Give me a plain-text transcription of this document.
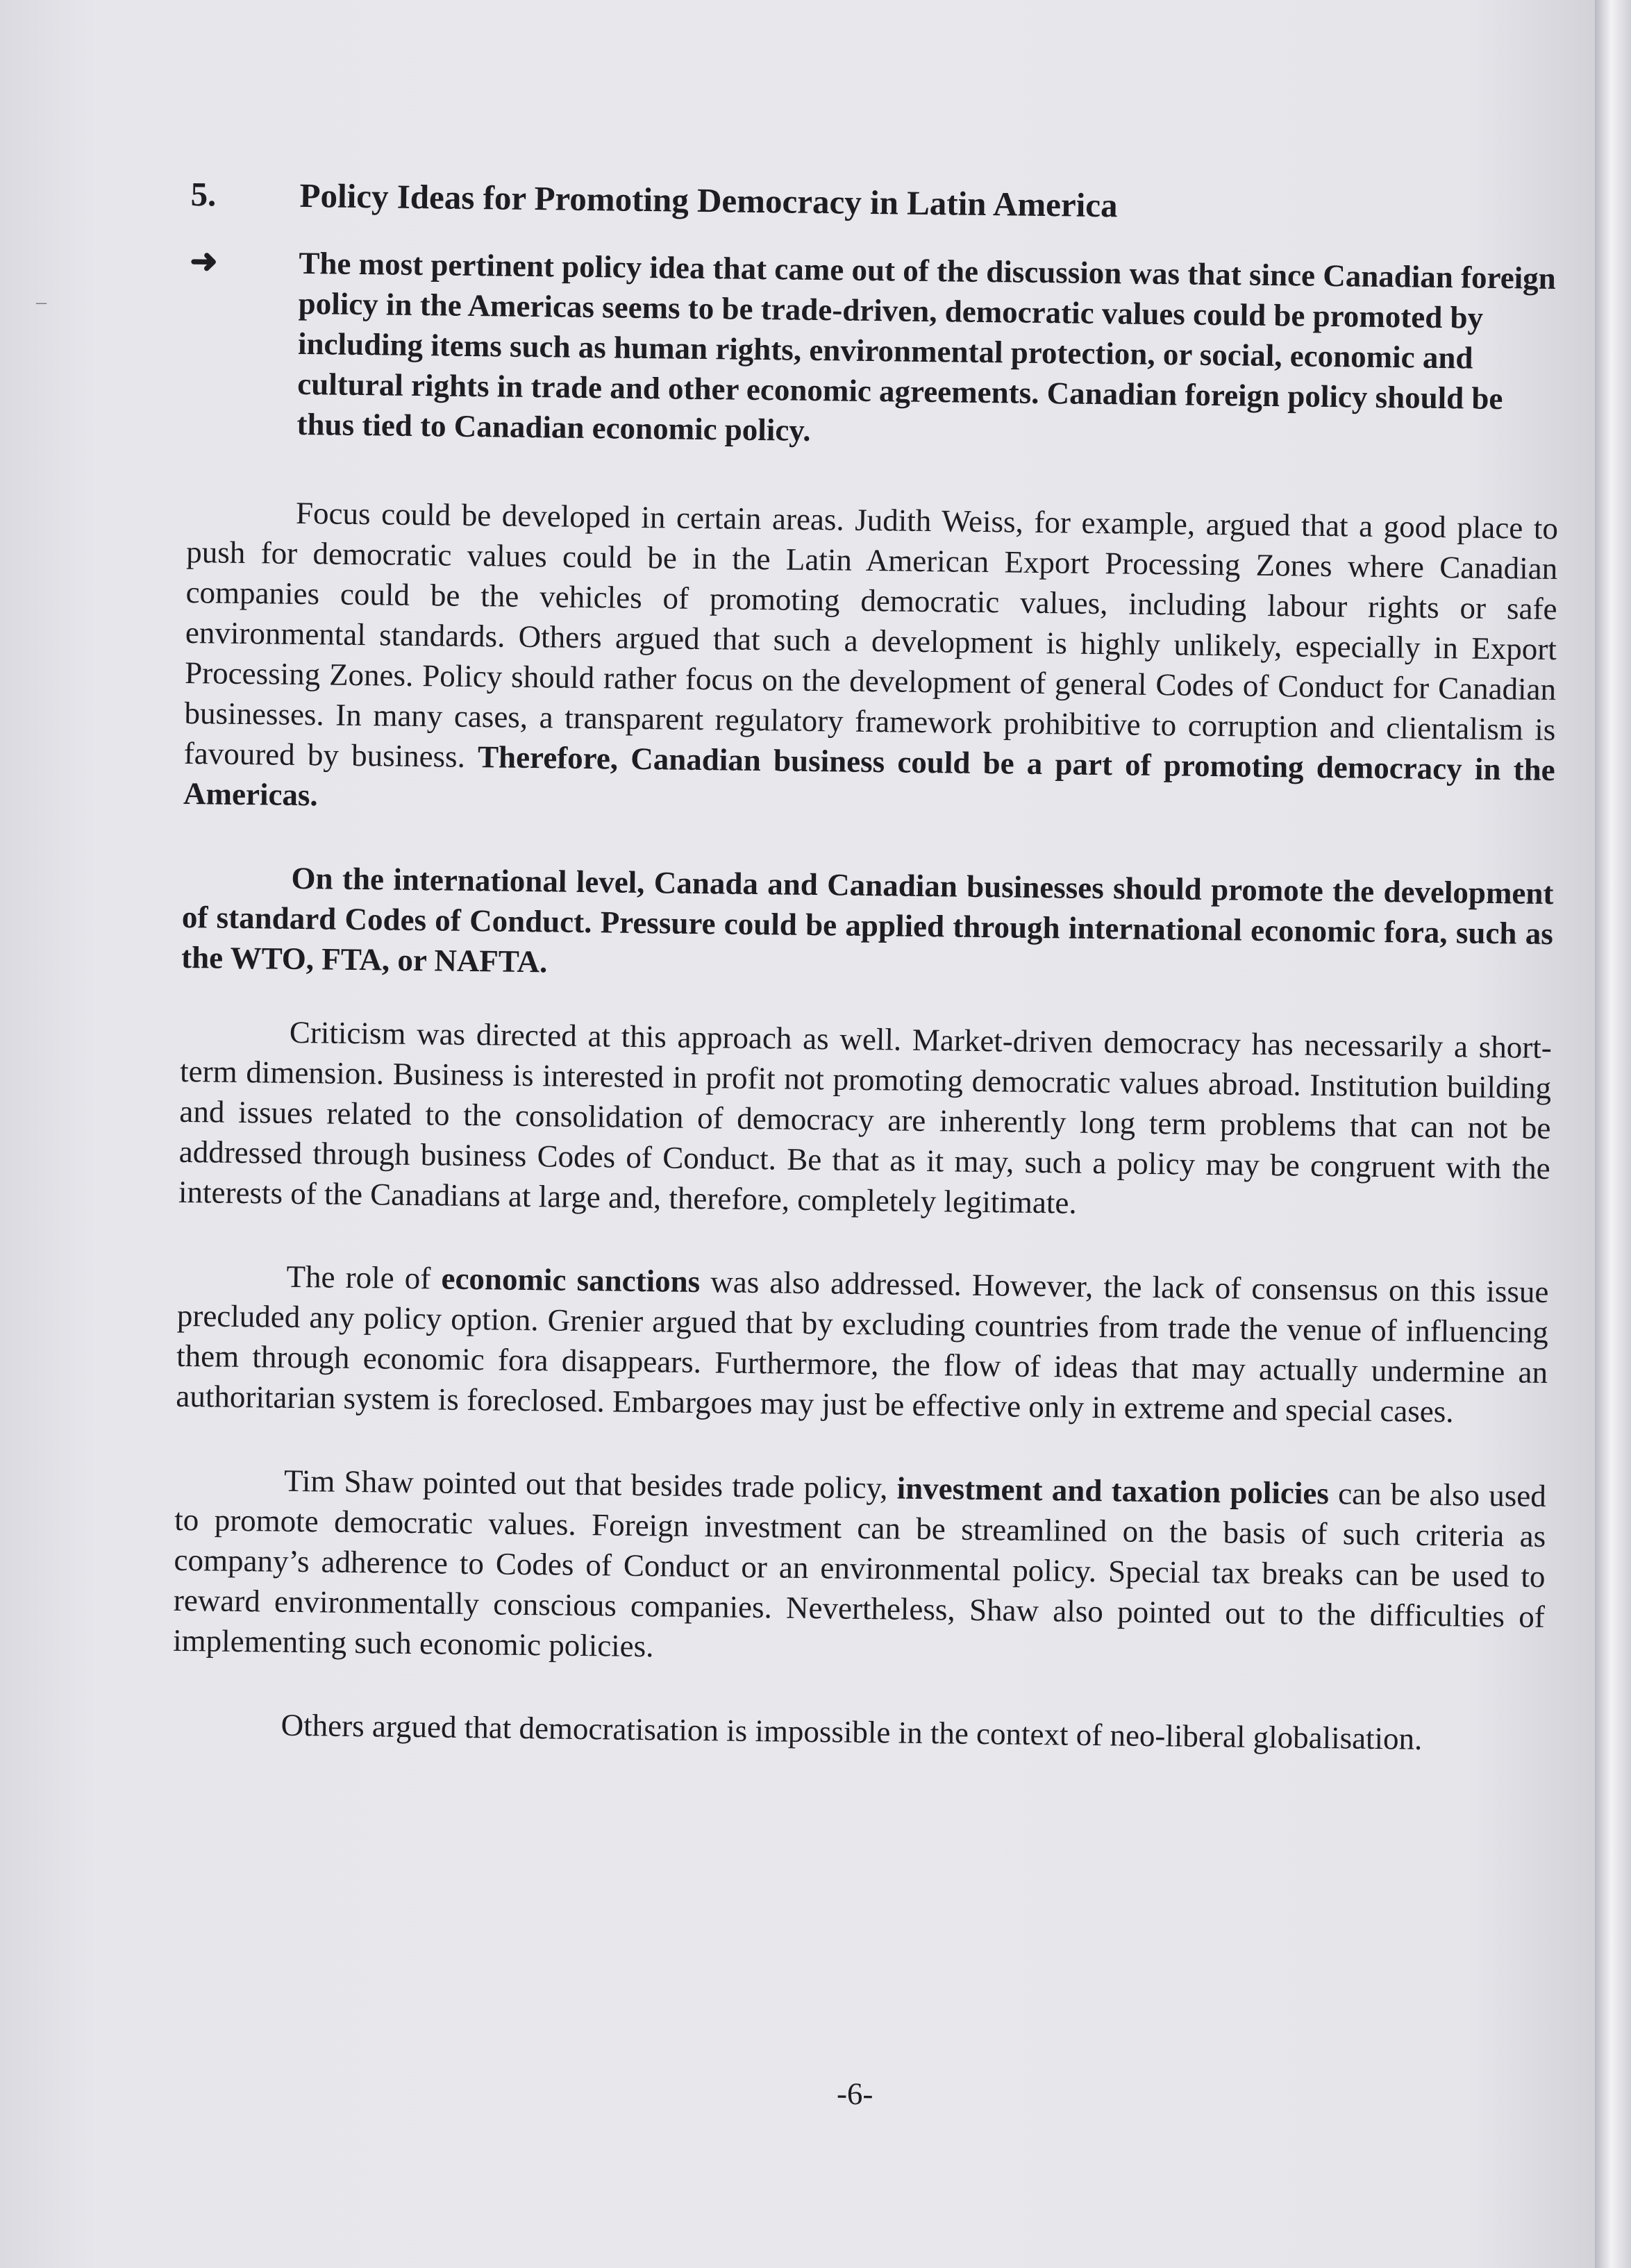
–
5.	Policy Ideas for Promoting Democracy in Latin America
➜	The most pertinent policy idea that came out of the discussion was that since Canadian foreign policy in the Americas seems to be trade-driven, democratic values could be promoted by including items such as human rights, environmental protection, or social, economic and cultural rights in trade and other economic agreements. Canadian foreign policy should be thus tied to Canadian economic policy.

Focus could be developed in certain areas. Judith Weiss, for example, argued that a good place to push for democratic values could be in the Latin American Export Processing Zones where Canadian companies could be the vehicles of promoting democratic values, including labour rights or safe environmental standards. Others argued that such a development is highly unlikely, especially in Export Processing Zones. Policy should rather focus on the development of general Codes of Conduct for Canadian businesses. In many cases, a transparent regulatory framework prohibitive to corruption and clientalism is favoured by business. Therefore, Canadian business could be a part of promoting democracy in the Americas.

On the international level, Canada and Canadian businesses should promote the development of standard Codes of Conduct. Pressure could be applied through international economic fora, such as the WTO, FTA, or NAFTA.

Criticism was directed at this approach as well. Market-driven democracy has necessarily a short-term dimension. Business is interested in profit not promoting democratic values abroad. Institution building and issues related to the consolidation of democracy are inherently long term problems that can not be addressed through business Codes of Conduct. Be that as it may, such a policy may be congruent with the interests of the Canadians at large and, therefore, completely legitimate.

The role of economic sanctions was also addressed. However, the lack of consensus on this issue precluded any policy option. Grenier argued that by excluding countries from trade the venue of influencing them through economic fora disappears. Furthermore, the flow of ideas that may actually undermine an authoritarian system is foreclosed. Embargoes may just be effective only in extreme and special cases.

Tim Shaw pointed out that besides trade policy, investment and taxation policies can be also used to promote democratic values. Foreign investment can be streamlined on the basis of such criteria as company’s adherence to Codes of Conduct or an environmental policy. Special tax breaks can be used to reward environmentally conscious companies. Nevertheless, Shaw also pointed out to the difficulties of implementing such economic policies.

Others argued that democratisation is impossible in the context of neo-liberal globalisation.

-6-
